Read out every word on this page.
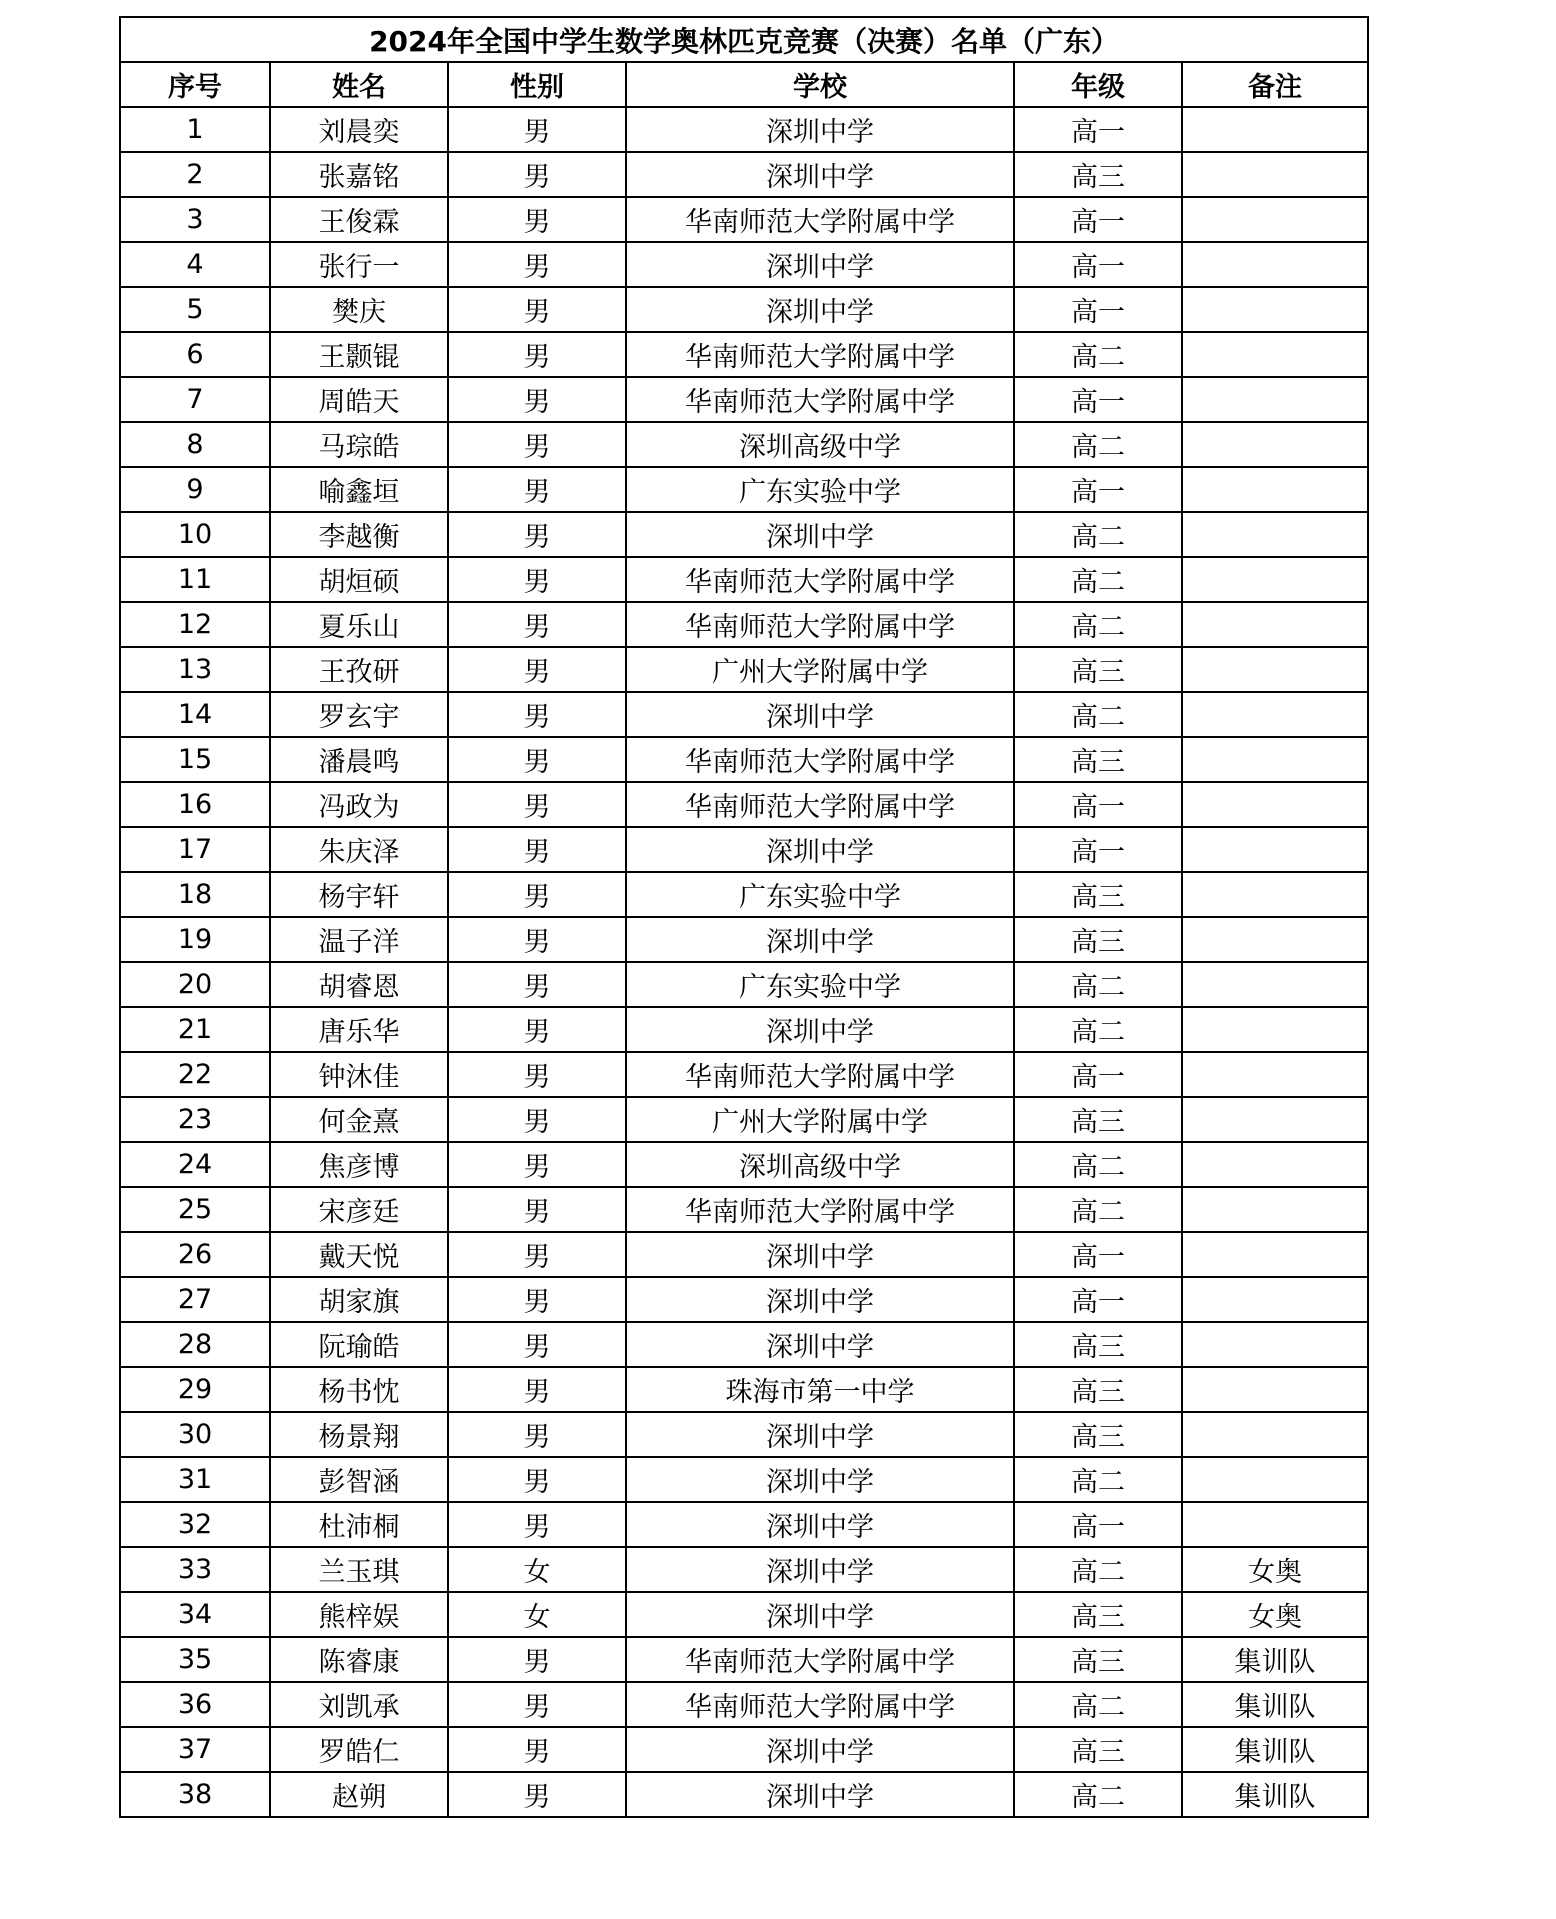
2024年全国中学生数学奥林匹克竞赛（决赛）名单（广东）					
序号	姓名	性别	学校	年级	备注
1	刘晨奕	男	深圳中学	高一	
2	张嘉铭	男	深圳中学	高三	
3	王俊霖	男	华南师范大学附属中学	高一	
4	张行一	男	深圳中学	高一	
5	樊庆	男	深圳中学	高一	
6	王颢锟	男	华南师范大学附属中学	高二	
7	周皓天	男	华南师范大学附属中学	高一	
8	马琮皓	男	深圳高级中学	高二	
9	喻鑫垣	男	广东实验中学	高一	
10	李越衡	男	深圳中学	高二	
11	胡烜硕	男	华南师范大学附属中学	高二	
12	夏乐山	男	华南师范大学附属中学	高二	
13	王孜研	男	广州大学附属中学	高三	
14	罗玄宇	男	深圳中学	高二	
15	潘晨鸣	男	华南师范大学附属中学	高三	
16	冯政为	男	华南师范大学附属中学	高一	
17	朱庆泽	男	深圳中学	高一	
18	杨宇轩	男	广东实验中学	高三	
19	温子洋	男	深圳中学	高三	
20	胡睿恩	男	广东实验中学	高二	
21	唐乐华	男	深圳中学	高二	
22	钟沐佳	男	华南师范大学附属中学	高一	
23	何金熹	男	广州大学附属中学	高三	
24	焦彦博	男	深圳高级中学	高二	
25	宋彦廷	男	华南师范大学附属中学	高二	
26	戴天悦	男	深圳中学	高一	
27	胡家旗	男	深圳中学	高一	
28	阮瑜皓	男	深圳中学	高三	
29	杨书忱	男	珠海市第一中学	高三	
30	杨景翔	男	深圳中学	高三	
31	彭智涵	男	深圳中学	高二	
32	杜沛桐	男	深圳中学	高一	
33	兰玉琪	女	深圳中学	高二	女奥
34	熊梓娱	女	深圳中学	高三	女奥
35	陈睿康	男	华南师范大学附属中学	高三	集训队
36	刘凯承	男	华南师范大学附属中学	高二	集训队
37	罗皓仁	男	深圳中学	高三	集训队
38	赵朔	男	深圳中学	高二	集训队
